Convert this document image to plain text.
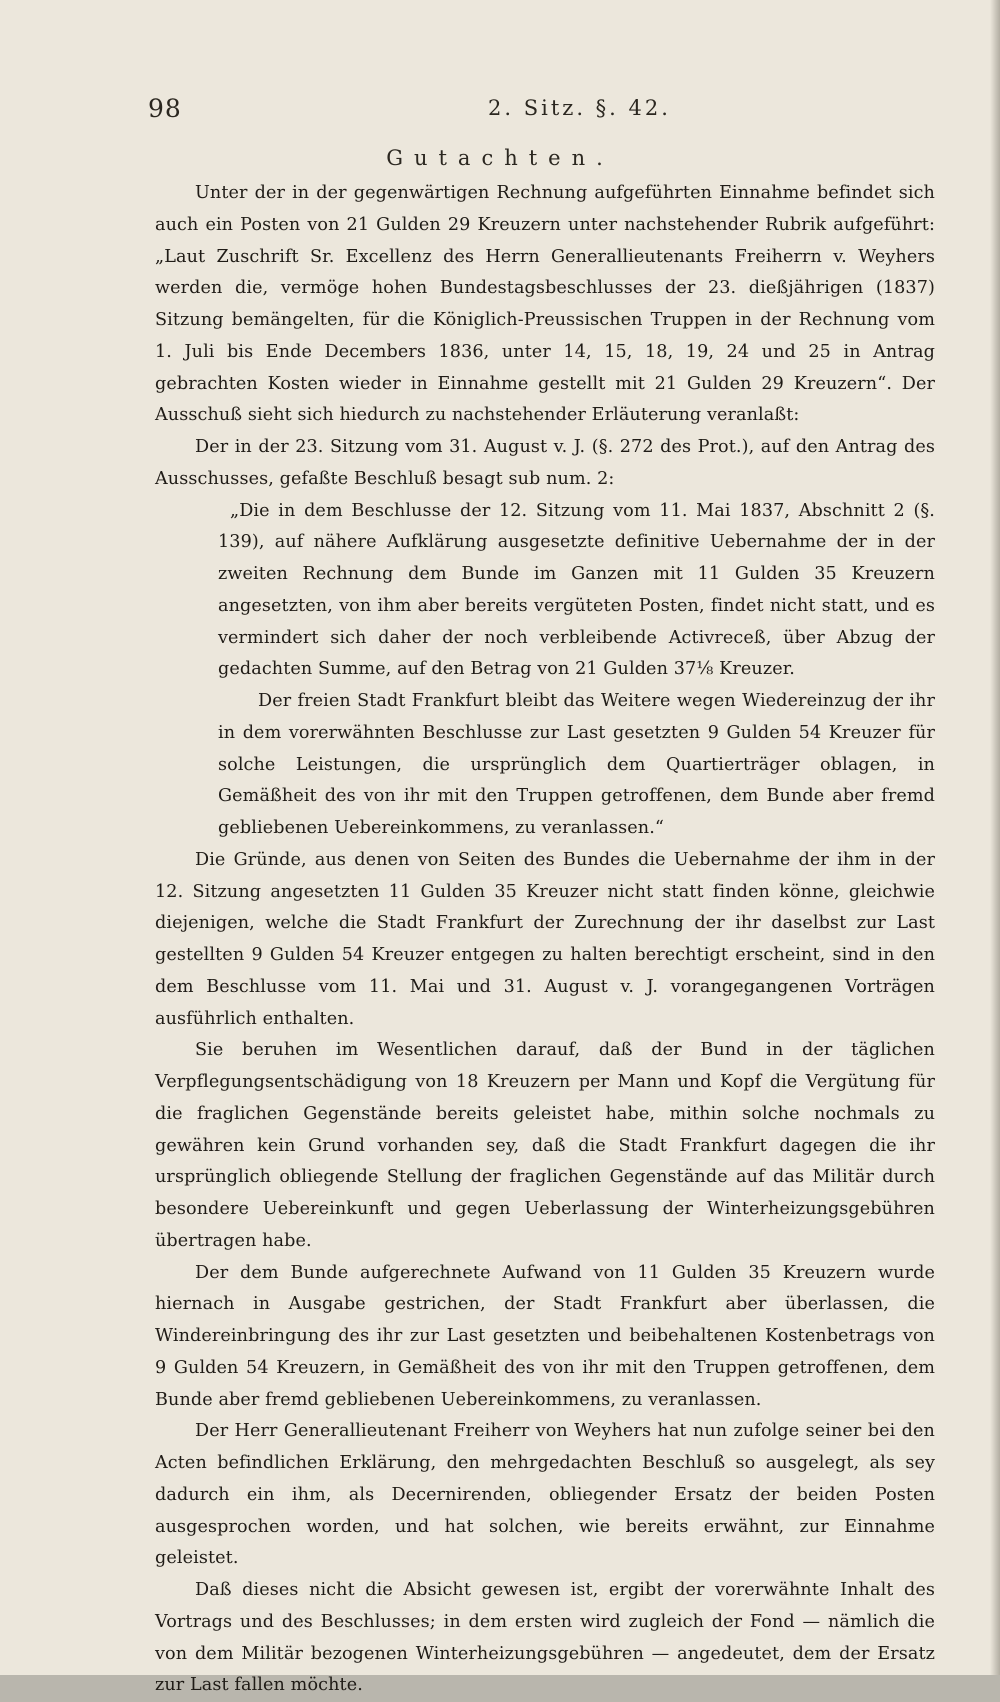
98	2. Sitz. §. 42.
Gutachten.

Unter der in der gegenwärtigen Rechnung aufgeführten Einnahme befindet sich auch ein Posten von 21 Gulden 29 Kreuzern unter nachstehender Rubrik aufgeführt: „Laut Zuschrift Sr. Excellenz des Herrn Generallieutenants Freiherrn v. Weyhers werden die, vermöge hohen Bundestagsbeschlusses der 23. dießjährigen (1837) Sitzung bemängelten, für die Königlich-Preussischen Truppen in der Rechnung vom 1. Juli bis Ende Decembers 1836, unter 14, 15, 18, 19, 24 und 25 in Antrag gebrachten Kosten wieder in Einnahme gestellt mit 21 Gulden 29 Kreuzern“. Der Ausschuß sieht sich hiedurch zu nachstehender Erläuterung veranlaßt:

Der in der 23. Sitzung vom 31. August v. J. (§. 272 des Prot.), auf den Antrag des Ausschusses, gefaßte Beschluß besagt sub num. 2:

„Die in dem Beschlusse der 12. Sitzung vom 11. Mai 1837, Abschnitt 2 (§. 139), auf nähere Aufklärung ausgesetzte definitive Uebernahme der in der zweiten Rechnung dem Bunde im Ganzen mit 11 Gulden 35 Kreuzern angesetzten, von ihm aber bereits vergüteten Posten, findet nicht statt, und es vermindert sich daher der noch verbleibende Activreceß, über Abzug der gedachten Summe, auf den Betrag von 21 Gulden 37⅛ Kreuzer.

Der freien Stadt Frankfurt bleibt das Weitere wegen Wiedereinzug der ihr in dem vorerwähnten Beschlusse zur Last gesetzten 9 Gulden 54 Kreuzer für solche Leistungen, die ursprünglich dem Quartierträger oblagen, in Gemäßheit des von ihr mit den Truppen getroffenen, dem Bunde aber fremd gebliebenen Uebereinkommens, zu veranlassen.“

Die Gründe, aus denen von Seiten des Bundes die Uebernahme der ihm in der 12. Sitzung angesetzten 11 Gulden 35 Kreuzer nicht statt finden könne, gleichwie diejenigen, welche die Stadt Frankfurt der Zurechnung der ihr daselbst zur Last gestellten 9 Gulden 54 Kreuzer entgegen zu halten berechtigt erscheint, sind in den dem Beschlusse vom 11. Mai und 31. August v. J. vorangegangenen Vorträgen ausführlich enthalten.

Sie beruhen im Wesentlichen darauf, daß der Bund in der täglichen Verpflegungsentschädigung von 18 Kreuzern per Mann und Kopf die Vergütung für die fraglichen Gegenstände bereits geleistet habe, mithin solche nochmals zu gewähren kein Grund vorhanden sey, daß die Stadt Frankfurt dagegen die ihr ursprünglich obliegende Stellung der fraglichen Gegenstände auf das Militär durch besondere Uebereinkunft und gegen Ueberlassung der Winterheizungsgebühren übertragen habe.

Der dem Bunde aufgerechnete Aufwand von 11 Gulden 35 Kreuzern wurde hiernach in Ausgabe gestrichen, der Stadt Frankfurt aber überlassen, die Windereinbringung des ihr zur Last gesetzten und beibehaltenen Kostenbetrags von 9 Gulden 54 Kreuzern, in Gemäßheit des von ihr mit den Truppen getroffenen, dem Bunde aber fremd gebliebenen Uebereinkommens, zu veranlassen.

Der Herr Generallieutenant Freiherr von Weyhers hat nun zufolge seiner bei den Acten befindlichen Erklärung, den mehrgedachten Beschluß so ausgelegt, als sey dadurch ein ihm, als Decernirenden, obliegender Ersatz der beiden Posten ausgesprochen worden, und hat solchen, wie bereits erwähnt, zur Einnahme geleistet.

Daß dieses nicht die Absicht gewesen ist, ergibt der vorerwähnte Inhalt des Vortrags und des Beschlusses; in dem ersten wird zugleich der Fond — nämlich die von dem Militär bezogenen Winterheizungsgebühren — angedeutet, dem der Ersatz zur Last fallen möchte.
